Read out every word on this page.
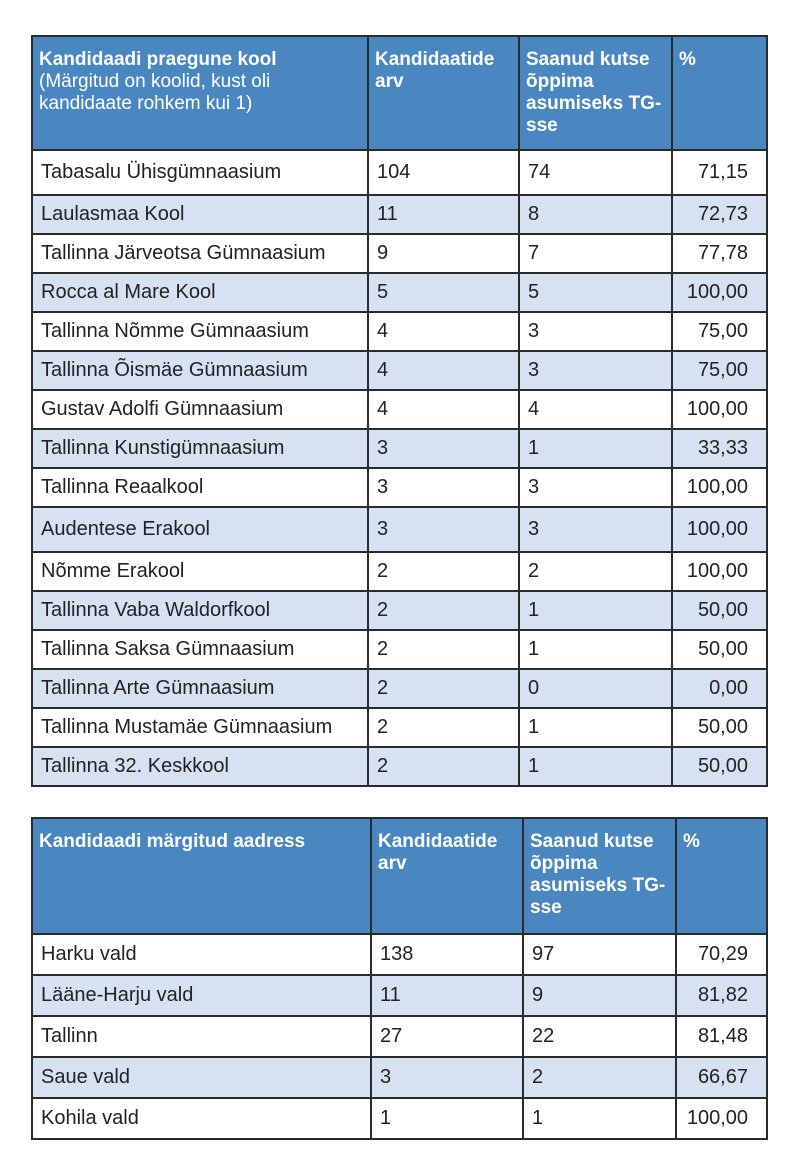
Kandidaadi praegune kool
(Märgitud on koolid, kust oli kandidaate rohkem kui 1)	Kandidaatide arv	Saanud kutse õppima asumiseks TG-sse	%
Tabasalu Ühisgümnaasium	104	74	71,15
Laulasmaa Kool	11	8	72,73
Tallinna Järveotsa Gümnaasium	9	7	77,78
Rocca al Mare Kool	5	5	100,00
Tallinna Nõmme Gümnaasium	4	3	75,00
Tallinna Õismäe Gümnaasium	4	3	75,00
Gustav Adolfi Gümnaasium	4	4	100,00
Tallinna Kunstigümnaasium	3	1	33,33
Tallinna Reaalkool	3	3	100,00
Audentese Erakool	3	3	100,00
Nõmme Erakool	2	2	100,00
Tallinna Vaba Waldorfkool	2	1	50,00
Tallinna Saksa Gümnaasium	2	1	50,00
Tallinna Arte Gümnaasium	2	0	0,00
Tallinna Mustamäe Gümnaasium	2	1	50,00
Tallinna 32. Keskkool	2	1	50,00
Kandidaadi märgitud aadress	Kandidaatide arv	Saanud kutse õppima asumiseks TG-sse	%
Harku vald	138	97	70,29
Lääne-Harju vald	11	9	81,82
Tallinn	27	22	81,48
Saue vald	3	2	66,67
Kohila vald	1	1	100,00
